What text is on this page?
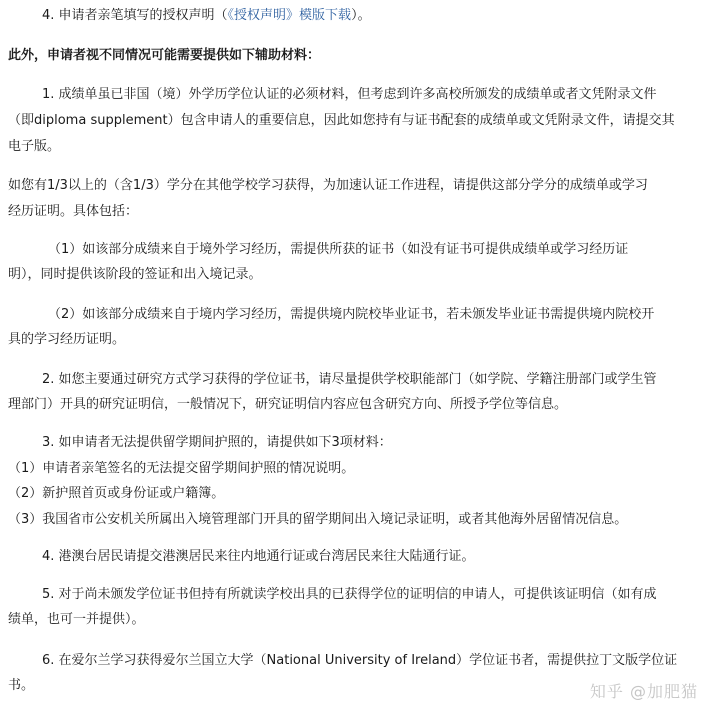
4. 申请者亲笔填写的授权声明（《授权声明》模版下载）。
此外，申请者视不同情况可能需要提供如下辅助材料：
1. 成绩单虽已非国（境）外学历学位认证的必须材料，但考虑到许多高校所颁发的成绩单或者文凭附录文件
（即diploma supplement）包含申请人的重要信息，因此如您持有与证书配套的成绩单或文凭附录文件，请提交其
电子版。
如您有1/3以上的（含1/3）学分在其他学校学习获得，为加速认证工作进程，请提供这部分学分的成绩单或学习
经历证明。具体包括：
（1）如该部分成绩来自于境外学习经历，需提供所获的证书（如没有证书可提供成绩单或学习经历证
明），同时提供该阶段的签证和出入境记录。
（2）如该部分成绩来自于境内学习经历，需提供境内院校毕业证书，若未颁发毕业证书需提供境内院校开
具的学习经历证明。
2. 如您主要通过研究方式学习获得的学位证书，请尽量提供学校职能部门（如学院、学籍注册部门或学生管
理部门）开具的研究证明信，一般情况下，研究证明信内容应包含研究方向、所授予学位等信息。
3. 如申请者无法提供留学期间护照的，请提供如下3项材料：
（1）申请者亲笔签名的无法提交留学期间护照的情况说明。
（2）新护照首页或身份证或户籍簿。
（3）我国省市公安机关所属出入境管理部门开具的留学期间出入境记录证明，或者其他海外居留情况信息。
4. 港澳台居民请提交港澳居民来往内地通行证或台湾居民来往大陆通行证。
5. 对于尚未颁发学位证书但持有所就读学校出具的已获得学位的证明信的申请人，可提供该证明信（如有成
绩单，也可一并提供）。
6. 在爱尔兰学习获得爱尔兰国立大学（National University of Ireland）学位证书者，需提供拉丁文版学位证
书。	知乎 @加肥猫
